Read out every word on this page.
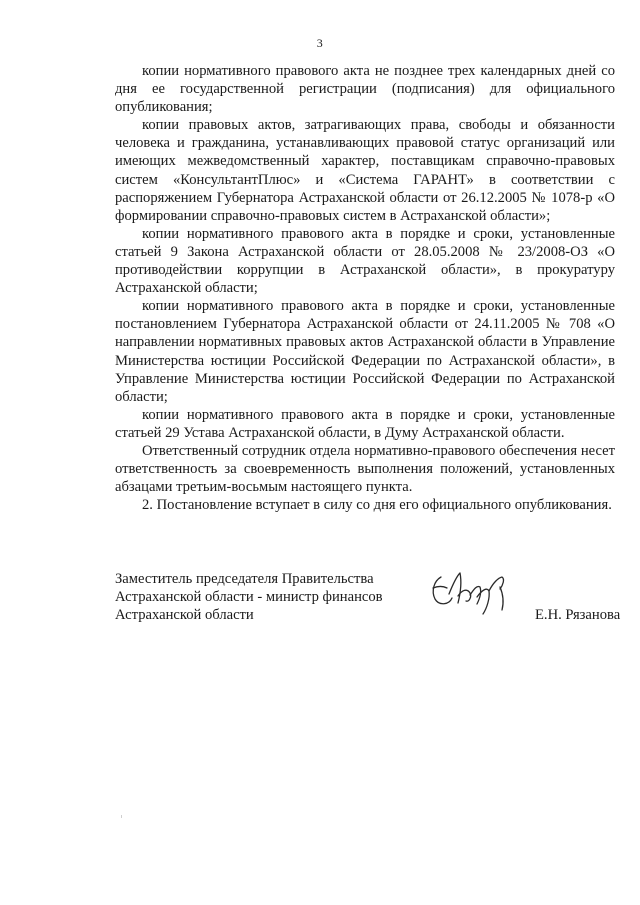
3

копии нормативного правового акта не позднее трех календарных дней со дня ее государственной регистрации (подписания) для официального опубликования;

копии правовых актов, затрагивающих права, свободы и обязанности человека и гражданина, устанавливающих правовой статус организаций или имеющих межведомственный характер, поставщикам справочно-правовых систем «КонсультантПлюс» и «Система ГАРАНТ» в соответствии с распоряжением Губернатора Астраханской области от 26.12.2005 № 1078-р «О формировании справочно-правовых систем в Астраханской области»;

копии нормативного правового акта в порядке и сроки, установленные статьей 9 Закона Астраханской области от 28.05.2008 № 23/2008-ОЗ «О противодействии коррупции в Астраханской области», в прокуратуру Астраханской области;

копии нормативного правового акта в порядке и сроки, установленные постановлением Губернатора Астраханской области от 24.11.2005 № 708 «О направлении нормативных правовых актов Астраханской области в Управление Министерства юстиции Российской Федерации по Астраханской области», в Управление Министерства юстиции Российской Федерации по Астраханской области;

копии нормативного правового акта в порядке и сроки, установленные статьей 29 Устава Астраханской области, в Думу Астраханской области.

Ответственный сотрудник отдела нормативно-правового обеспечения несет ответственность за своевременность выполнения положений, установленных абзацами третьим-восьмым настоящего пункта.

2. Постановление вступает в силу со дня его официального опубликования.

Заместитель председателя Правительства
Астраханской области - министр финансов
Астраханской области	Е.Н. Рязанова
